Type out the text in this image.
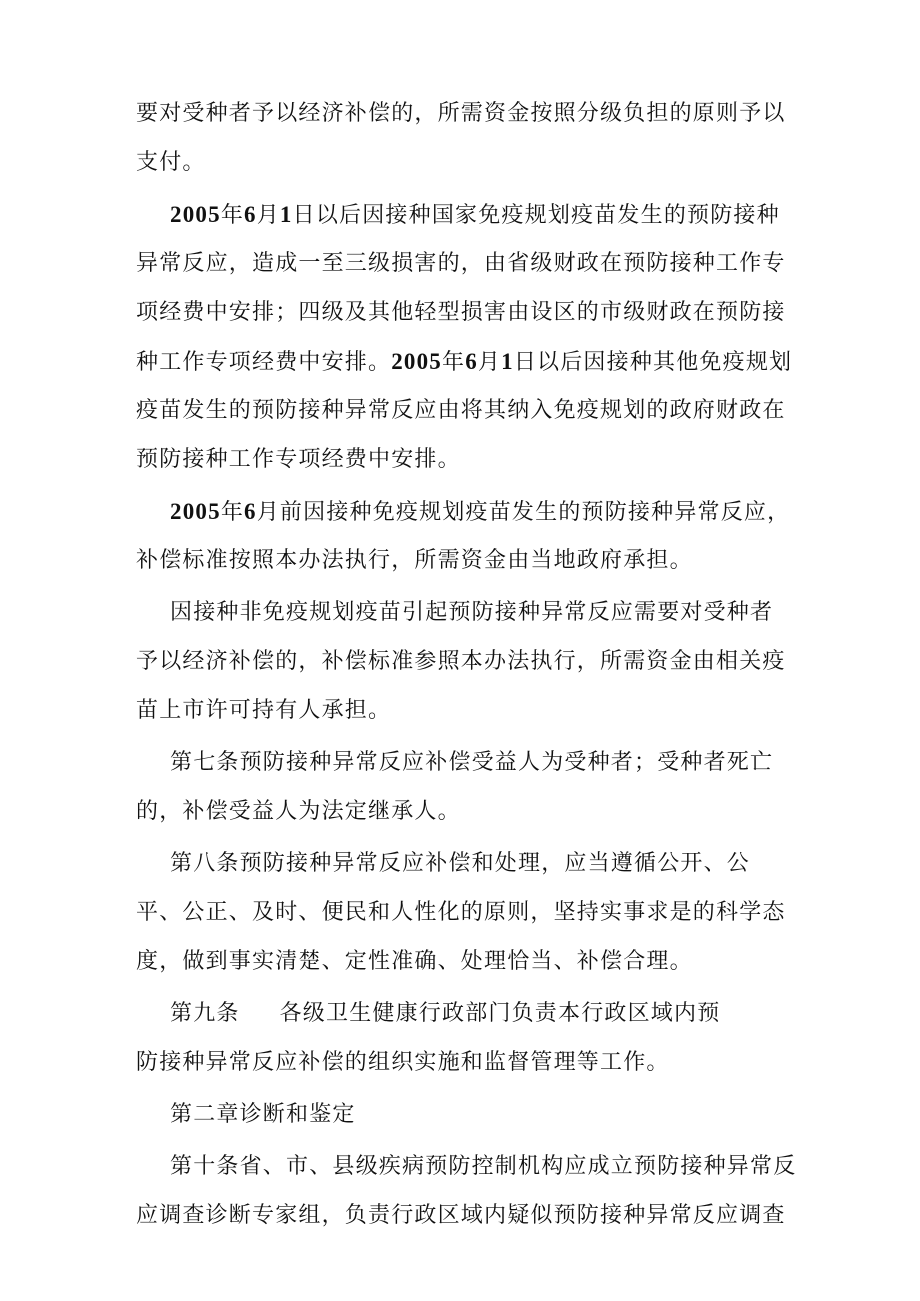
要对受种者予以经济补偿的，所需资金按照分级负担的原则予以
支付。
2005年6月1日以后因接种国家免疫规划疫苗发生的预防接种
异常反应，造成一至三级损害的，由省级财政在预防接种工作专
项经费中安排；四级及其他轻型损害由设区的市级财政在预防接
种工作专项经费中安排。2005年6月1日以后因接种其他免疫规划
疫苗发生的预防接种异常反应由将其纳入免疫规划的政府财政在
预防接种工作专项经费中安排。
2005年6月前因接种免疫规划疫苗发生的预防接种异常反应，
补偿标准按照本办法执行，所需资金由当地政府承担。
因接种非免疫规划疫苗引起预防接种异常反应需要对受种者
予以经济补偿的，补偿标准参照本办法执行，所需资金由相关疫
苗上市许可持有人承担。
第七条预防接种异常反应补偿受益人为受种者；受种者死亡
的，补偿受益人为法定继承人。
第八条预防接种异常反应补偿和处理，应当遵循公开、公
平、公正、及时、便民和人性化的原则，坚持实事求是的科学态
度，做到事实清楚、定性准确、处理恰当、补偿合理。
第九条 各级卫生健康行政部门负责本行政区域内预
防接种异常反应补偿的组织实施和监督管理等工作。
第二章诊断和鉴定
第十条省、市、县级疾病预防控制机构应成立预防接种异常反
应调查诊断专家组，负责行政区域内疑似预防接种异常反应调查
